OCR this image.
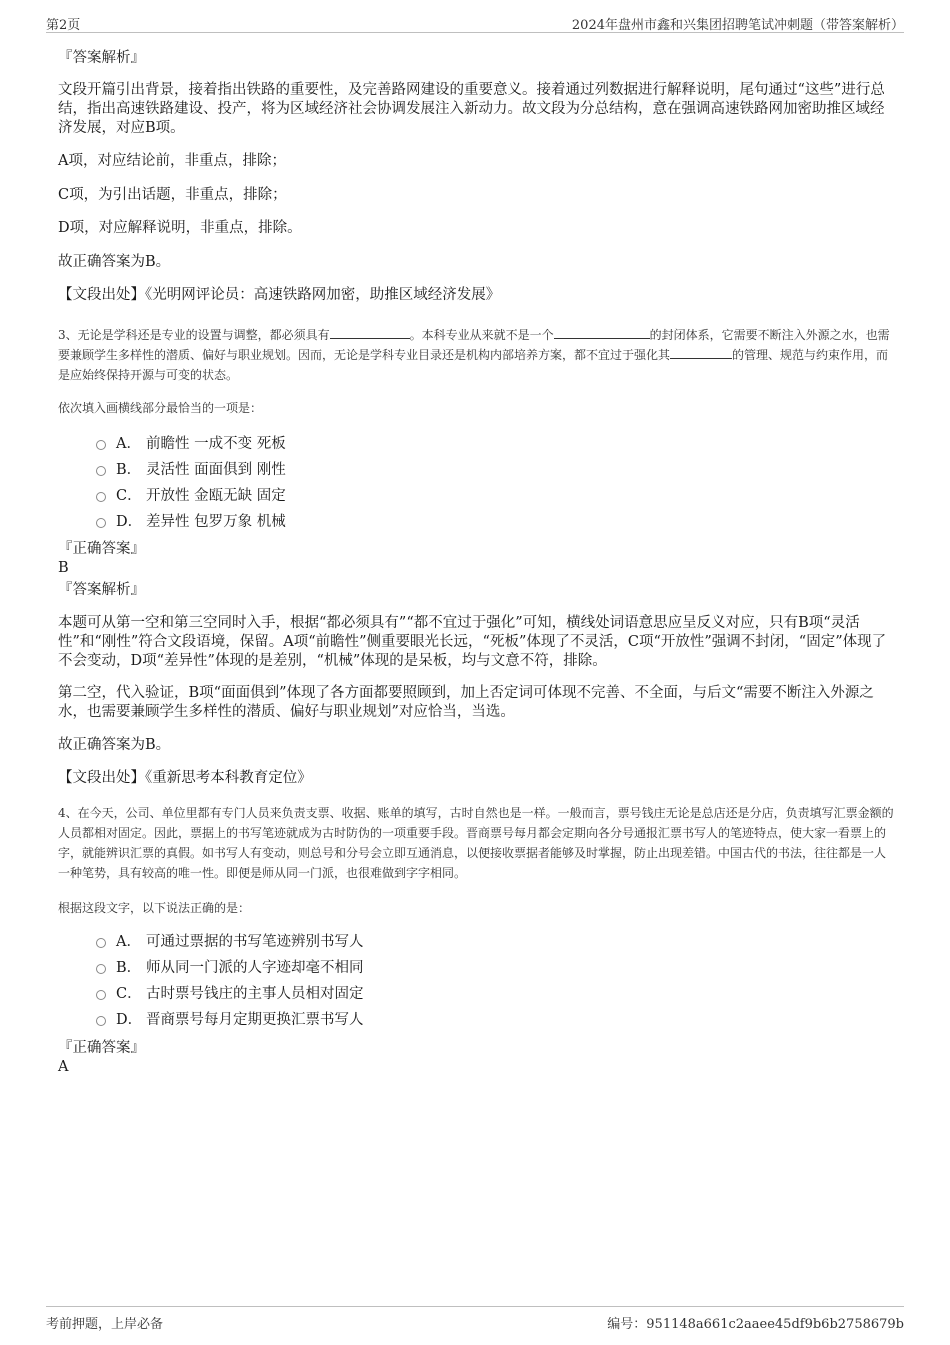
第2页	2024年盘州市鑫和兴集团招聘笔试冲刺题（带答案解析）
『答案解析』
文段开篇引出背景，接着指出铁路的重要性，及完善路网建设的重要意义。接着通过列数据进行解释说明，尾句通过“这些”进行总结，指出高速铁路建设、投产，将为区域经济社会协调发展注入新动力。故文段为分总结构，意在强调高速铁路网加密助推区域经济发展，对应B项。
A项，对应结论前，非重点，排除；
C项，为引出话题，非重点，排除；
D项，对应解释说明，非重点，排除。
故正确答案为B。
【文段出处】《光明网评论员：高速铁路网加密，助推区域经济发展》
3、无论是学科还是专业的设置与调整，都必须具有	。本科专业从来就不是一个	的封闭体系，它需要不断注入外源之水，也需要兼顾学生多样性的潜质、偏好与职业规划。因而，无论是学科专业目录还是机构内部培养方案，都不宜过于强化其	的管理、规范与约束作用，而是应始终保持开源与可变的状态。
依次填入画横线部分最恰当的一项是：
A． 前瞻性 一成不变 死板
B． 灵活性 面面俱到 刚性
C． 开放性 金瓯无缺 固定
D． 差异性 包罗万象 机械
『正确答案』
B
『答案解析』
本题可从第一空和第三空同时入手，根据“都必须具有”“都不宜过于强化”可知，横线处词语意思应呈反义对应，只有B项“灵活性”和“刚性”符合文段语境，保留。A项“前瞻性”侧重要眼光长远，“死板”体现了不灵活，C项“开放性”强调不封闭，“固定”体现了不会变动，D项“差异性”体现的是差别，“机械”体现的是呆板，均与文意不符，排除。
第二空，代入验证，B项“面面俱到”体现了各方面都要照顾到，加上否定词可体现不完善、不全面，与后文“需要不断注入外源之水，也需要兼顾学生多样性的潜质、偏好与职业规划”对应恰当，当选。
故正确答案为B。
【文段出处】《重新思考本科教育定位》
4、在今天，公司、单位里都有专门人员来负责支票、收据、账单的填写，古时自然也是一样。一般而言，票号钱庄无论是总店还是分店，负责填写汇票金额的人员都相对固定。因此，票据上的书写笔迹就成为古时防伪的一项重要手段。晋商票号每月都会定期向各分号通报汇票书写人的笔迹特点，使大家一看票上的字，就能辨识汇票的真假。如书写人有变动，则总号和分号会立即互通消息，以便接收票据者能够及时掌握，防止出现差错。中国古代的书法，往往都是一人一种笔势，具有较高的唯一性。即便是师从同一门派，也很难做到字字相同。
根据这段文字，以下说法正确的是：
A． 可通过票据的书写笔迹辨别书写人
B． 师从同一门派的人字迹却毫不相同
C． 古时票号钱庄的主事人员相对固定
D． 晋商票号每月定期更换汇票书写人
『正确答案』
A
考前押题，上岸必备	编号：951148a661c2aaee45df9b6b2758679b
